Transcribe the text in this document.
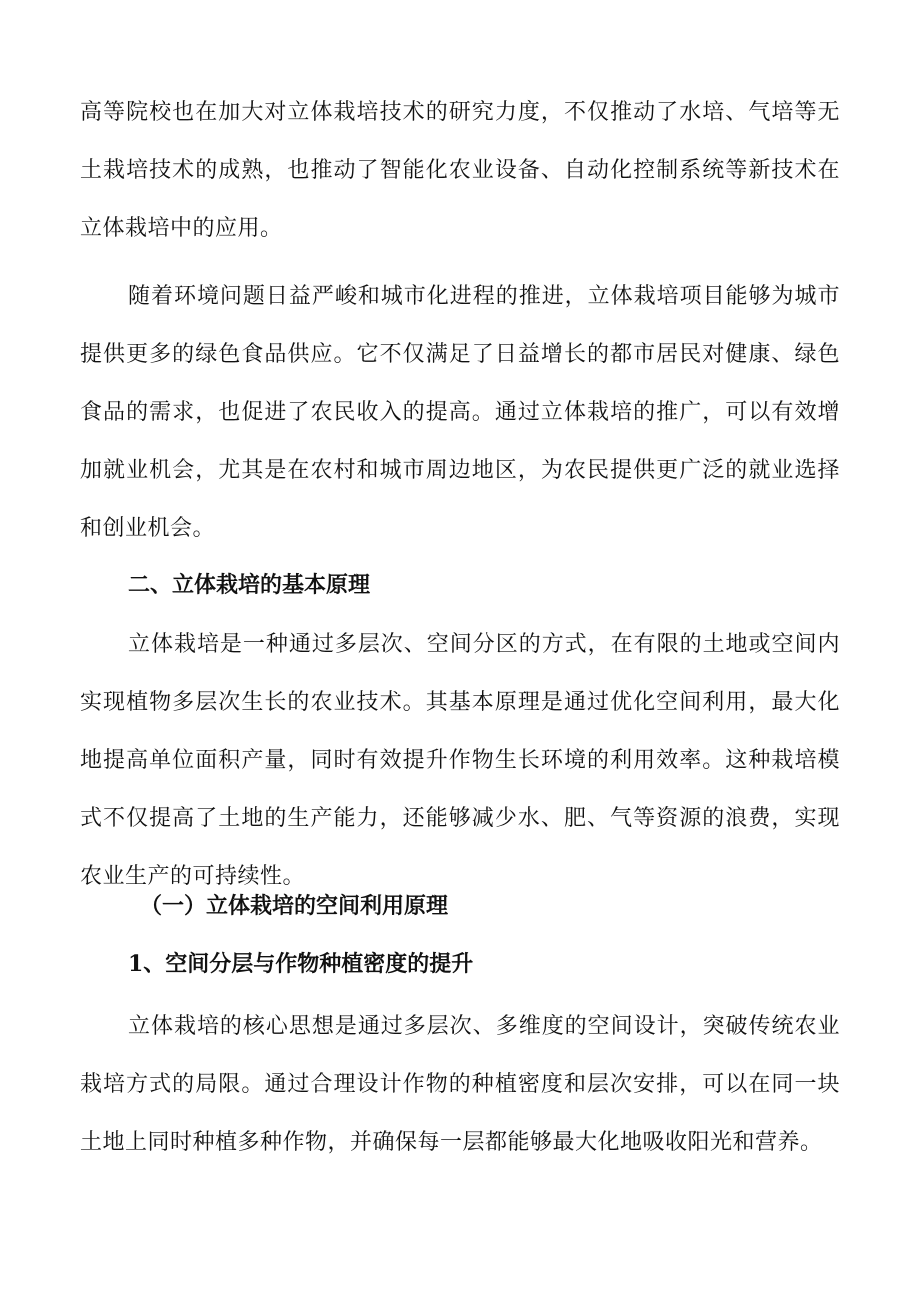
高等院校也在加大对立体栽培技术的研究力度，不仅推动了水培、气培等无土栽培技术的成熟，也推动了智能化农业设备、自动化控制系统等新技术在立体栽培中的应用。

随着环境问题日益严峻和城市化进程的推进，立体栽培项目能够为城市提供更多的绿色食品供应。它不仅满足了日益增长的都市居民对健康、绿色食品的需求，也促进了农民收入的提高。通过立体栽培的推广，可以有效增加就业机会，尤其是在农村和城市周边地区，为农民提供更广泛的就业选择和创业机会。

二、立体栽培的基本原理

立体栽培是一种通过多层次、空间分区的方式，在有限的土地或空间内实现植物多层次生长的农业技术。其基本原理是通过优化空间利用，最大化地提高单位面积产量，同时有效提升作物生长环境的利用效率。这种栽培模式不仅提高了土地的生产能力，还能够减少水、肥、气等资源的浪费，实现农业生产的可持续性。

（一）立体栽培的空间利用原理
1、空间分层与作物种植密度的提升

立体栽培的核心思想是通过多层次、多维度的空间设计，突破传统农业栽培方式的局限。通过合理设计作物的种植密度和层次安排，可以在同一块土地上同时种植多种作物，并确保每一层都能够最大化地吸收阳光和营养。
